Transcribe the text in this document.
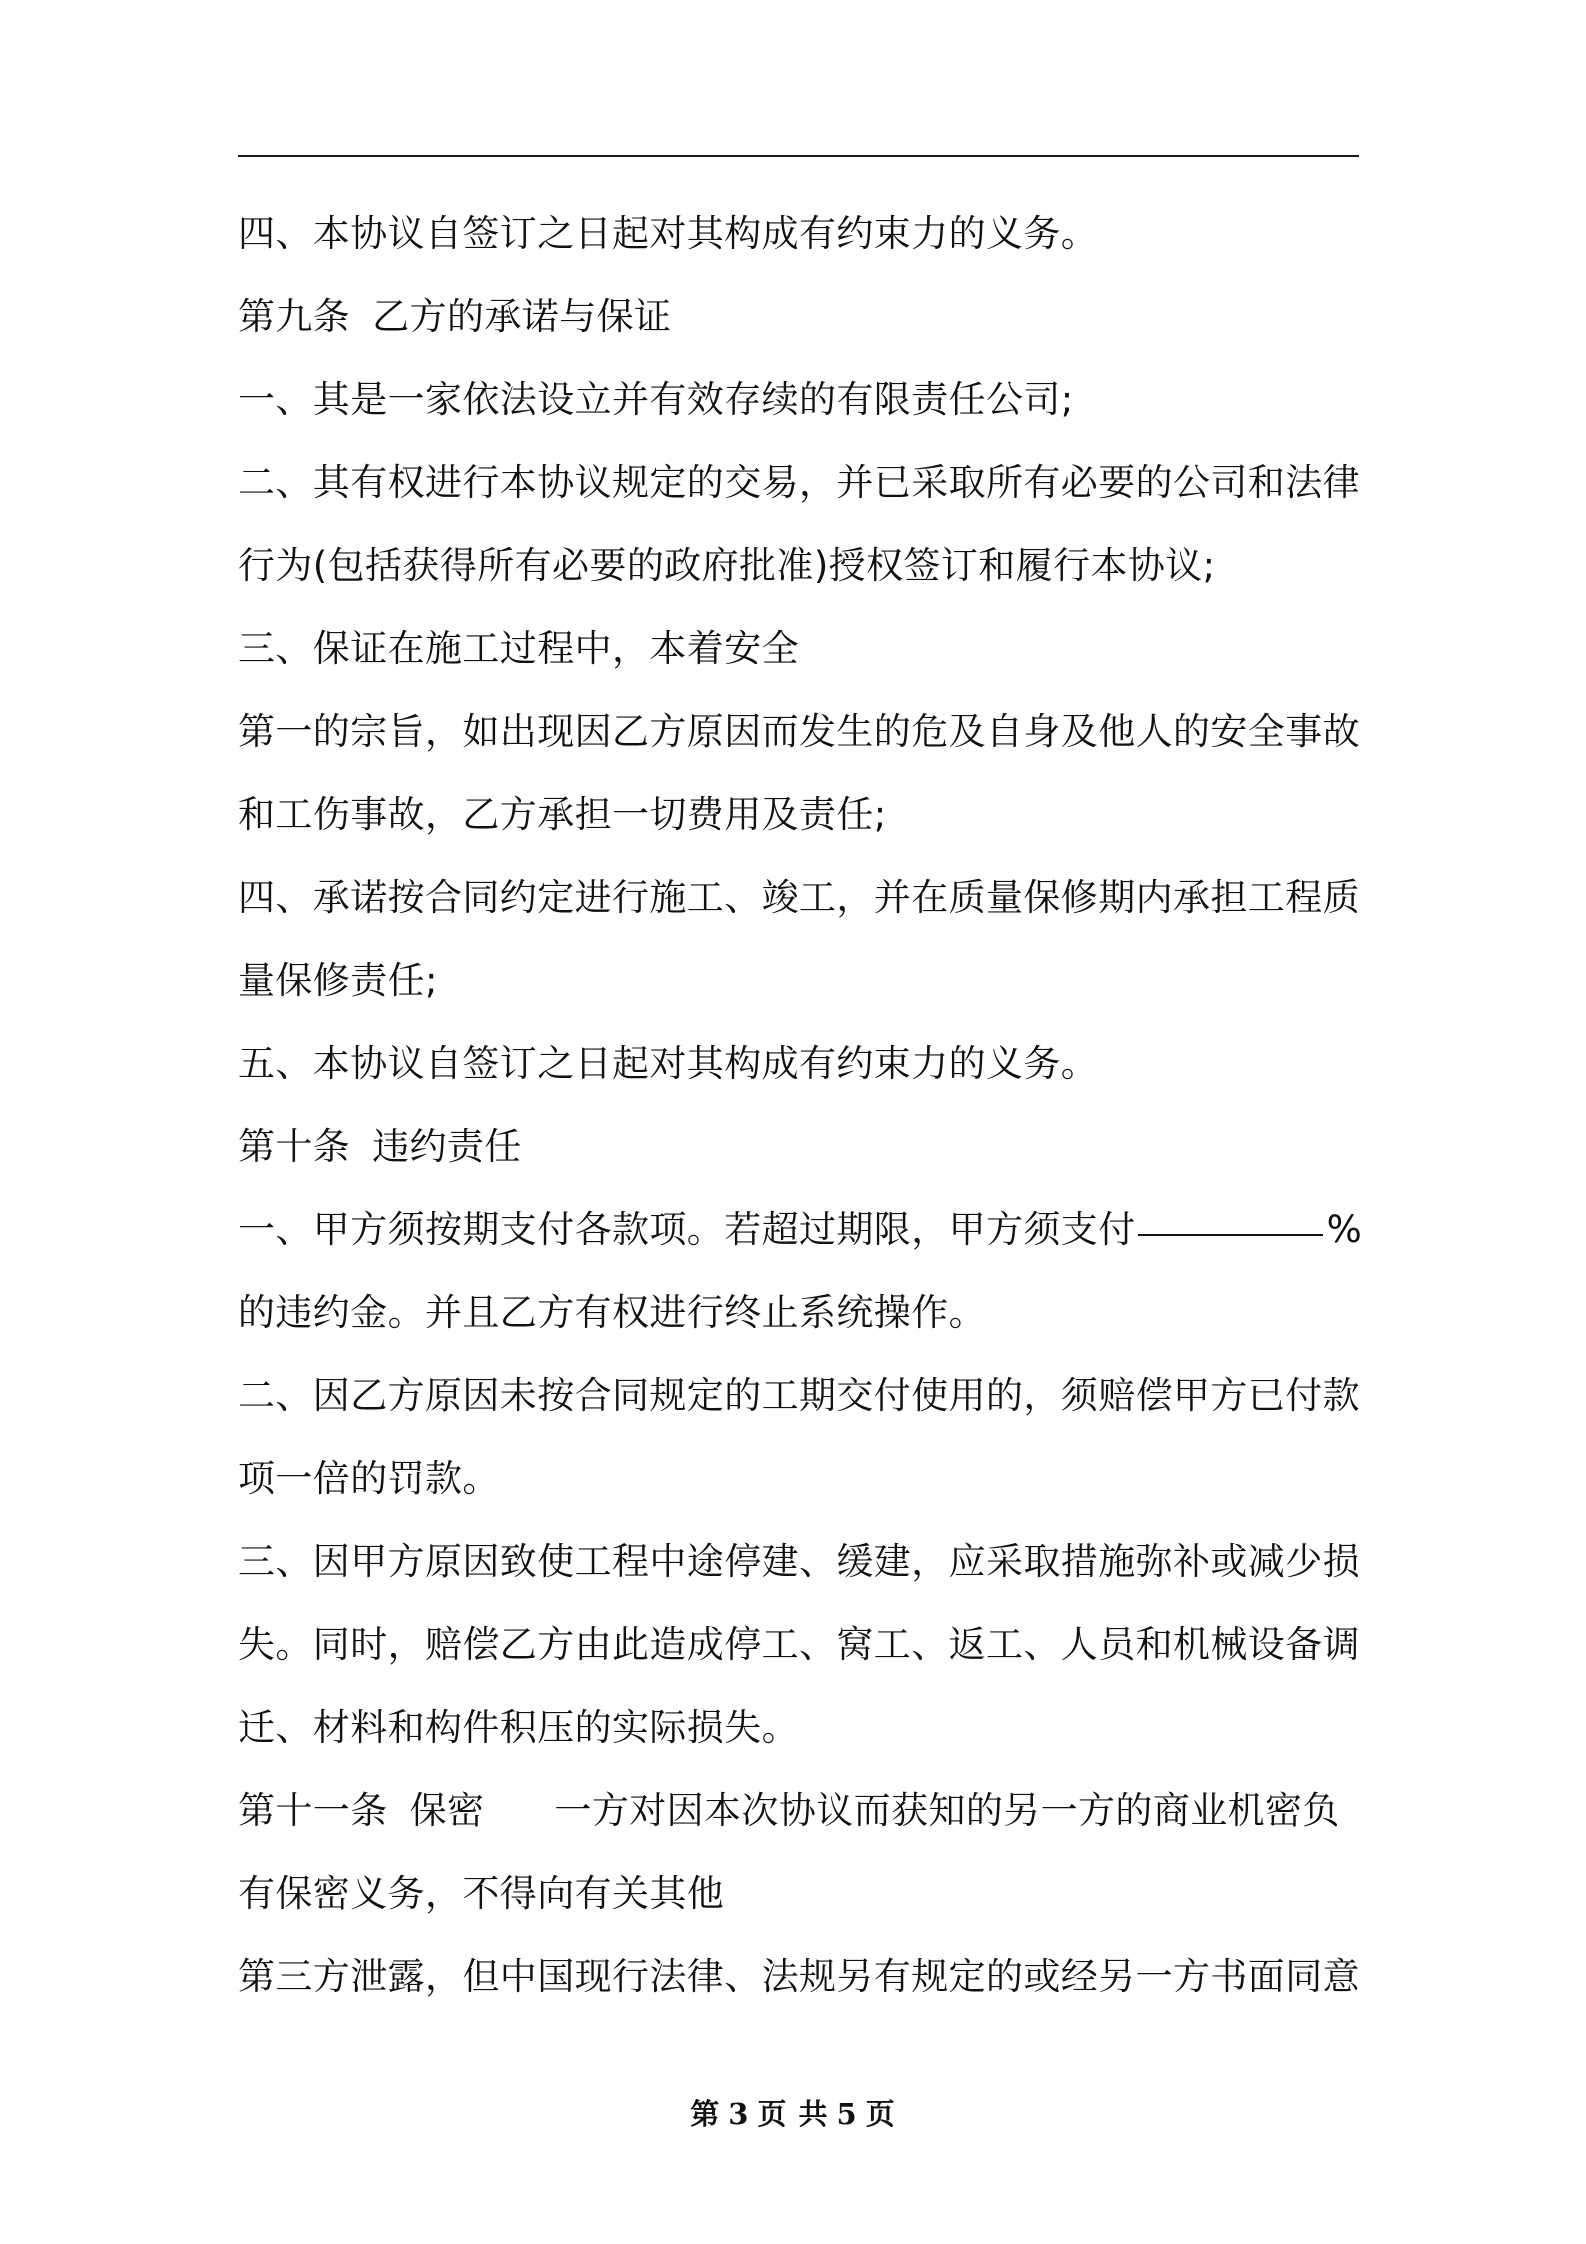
四、本协议自签订之日起对其构成有约束力的义务。
第九条 乙方的承诺与保证
一、其是一家依法设立并有效存续的有限责任公司;
二、其有权进行本协议规定的交易，并已采取所有必要的公司和法律
行为(包括获得所有必要的政府批准)授权签订和履行本协议;
三、保证在施工过程中，本着安全
第一的宗旨，如出现因乙方原因而发生的危及自身及他人的安全事故
和工伤事故，乙方承担一切费用及责任;
四、承诺按合同约定进行施工、竣工，并在质量保修期内承担工程质
量保修责任;
五、本协议自签订之日起对其构成有约束力的义务。
第十条 违约责任
一、甲方须按期支付各款项。若超过期限，甲方须支付	%
的违约金。并且乙方有权进行终止系统操作。
二、因乙方原因未按合同规定的工期交付使用的，须赔偿甲方已付款
项一倍的罚款。
三、因甲方原因致使工程中途停建、缓建，应采取措施弥补或减少损
失。同时，赔偿乙方由此造成停工、窝工、返工、人员和机械设备调
迁、材料和构件积压的实际损失。
第十一条 保密 一方对因本次协议而获知的另一方的商业机密负
有保密义务，不得向有关其他
第三方泄露，但中国现行法律、法规另有规定的或经另一方书面同意
第 3 页 共 5 页
